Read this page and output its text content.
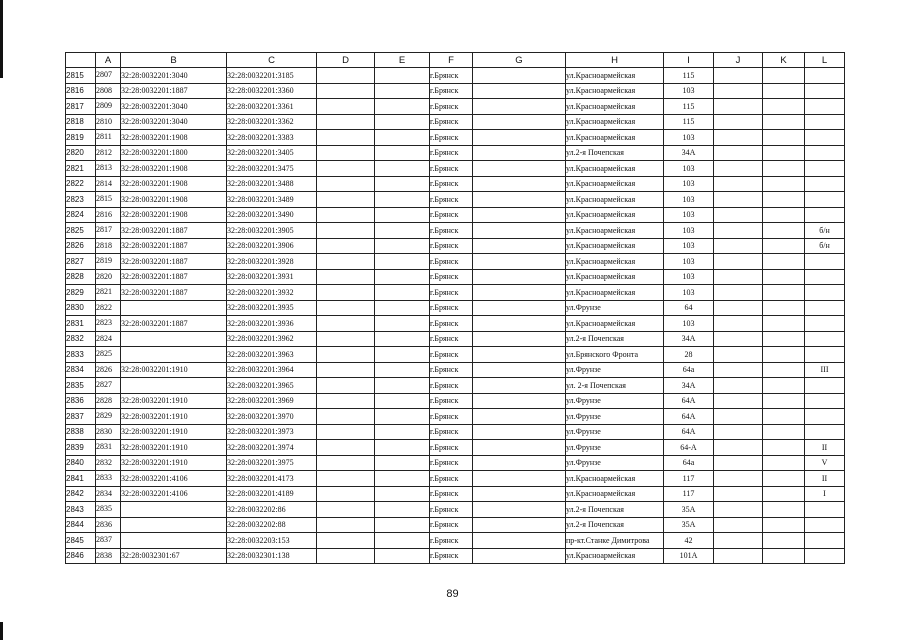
	A	B	C	D	E	F	G	H	I	J	K	L
2815	2807	32:28:0032201:3040	32:28:0032201:3185			г.Брянск		ул.Красноармейская	115			
2816	2808	32:28:0032201:1887	32:28:0032201:3360			г.Брянск		ул.Красноармейская	103			
2817	2809	32:28:0032201:3040	32:28:0032201:3361			г.Брянск		ул.Красноармейская	115			
2818	2810	32:28:0032201:3040	32:28:0032201:3362			г.Брянск		ул.Красноармейская	115			
2819	2811	32:28:0032201:1908	32:28:0032201:3383			г.Брянск		ул.Красноармейская	103			
2820	2812	32:28:0032201:1800	32:28:0032201:3405			г.Брянск		ул.2-я Почепская	34А			
2821	2813	32:28:0032201:1908	32:28:0032201:3475			г.Брянск		ул.Красноармейская	103			
2822	2814	32:28:0032201:1908	32:28:0032201:3488			г.Брянск		ул.Красноармейская	103			
2823	2815	32:28:0032201:1908	32:28:0032201:3489			г.Брянск		ул.Красноармейская	103			
2824	2816	32:28:0032201:1908	32:28:0032201:3490			г.Брянск		ул.Красноармейская	103			
2825	2817	32:28:0032201:1887	32:28:0032201:3905			г.Брянск		ул.Красноармейская	103			б/н
2826	2818	32:28:0032201:1887	32:28:0032201:3906			г.Брянск		ул.Красноармейская	103			б/н
2827	2819	32:28:0032201:1887	32:28:0032201:3928			г.Брянск		ул.Красноармейская	103			
2828	2820	32:28:0032201:1887	32:28:0032201:3931			г.Брянск		ул.Красноармейская	103			
2829	2821	32:28:0032201:1887	32:28:0032201:3932			г.Брянск		ул.Красноармейская	103			
2830	2822		32:28:0032201:3935			г.Брянск		ул.Фрунзе	64			
2831	2823	32:28:0032201:1887	32:28:0032201:3936			г.Брянск		ул.Красноармейская	103			
2832	2824		32:28:0032201:3962			г.Брянск		ул.2-я Почепская	34А			
2833	2825		32:28:0032201:3963			г.Брянск		ул.Брянского Фронта	28			
2834	2826	32:28:0032201:1910	32:28:0032201:3964			г.Брянск		ул.Фрунзе	64а			III
2835	2827		32:28:0032201:3965			г.Брянск		ул. 2-я Почепская	34А			
2836	2828	32:28:0032201:1910	32:28:0032201:3969			г.Брянск		ул.Фрунзе	64А			
2837	2829	32:28:0032201:1910	32:28:0032201:3970			г.Брянск		ул.Фрунзе	64А			
2838	2830	32:28:0032201:1910	32:28:0032201:3973			г.Брянск		ул.Фрунзе	64А			
2839	2831	32:28:0032201:1910	32:28:0032201:3974			г.Брянск		ул.Фрунзе	64-А			II
2840	2832	32:28:0032201:1910	32:28:0032201:3975			г.Брянск		ул.Фрунзе	64а			V
2841	2833	32:28:0032201:4106	32:28:0032201:4173			г.Брянск		ул.Красноармейская	117			II
2842	2834	32:28:0032201:4106	32:28:0032201:4189			г.Брянск		ул.Красноармейская	117			I
2843	2835		32:28:0032202:86			г.Брянск		ул.2-я Почепская	35А			
2844	2836		32:28:0032202:88			г.Брянск		ул.2-я Почепская	35А			
2845	2837		32:28:0032203:153			г.Брянск		пр-кт.Станке Димитрова	42			
2846	2838	32:28:0032301:67	32:28:0032301:138			г.Брянск		ул.Красноармейская	101А			
89
